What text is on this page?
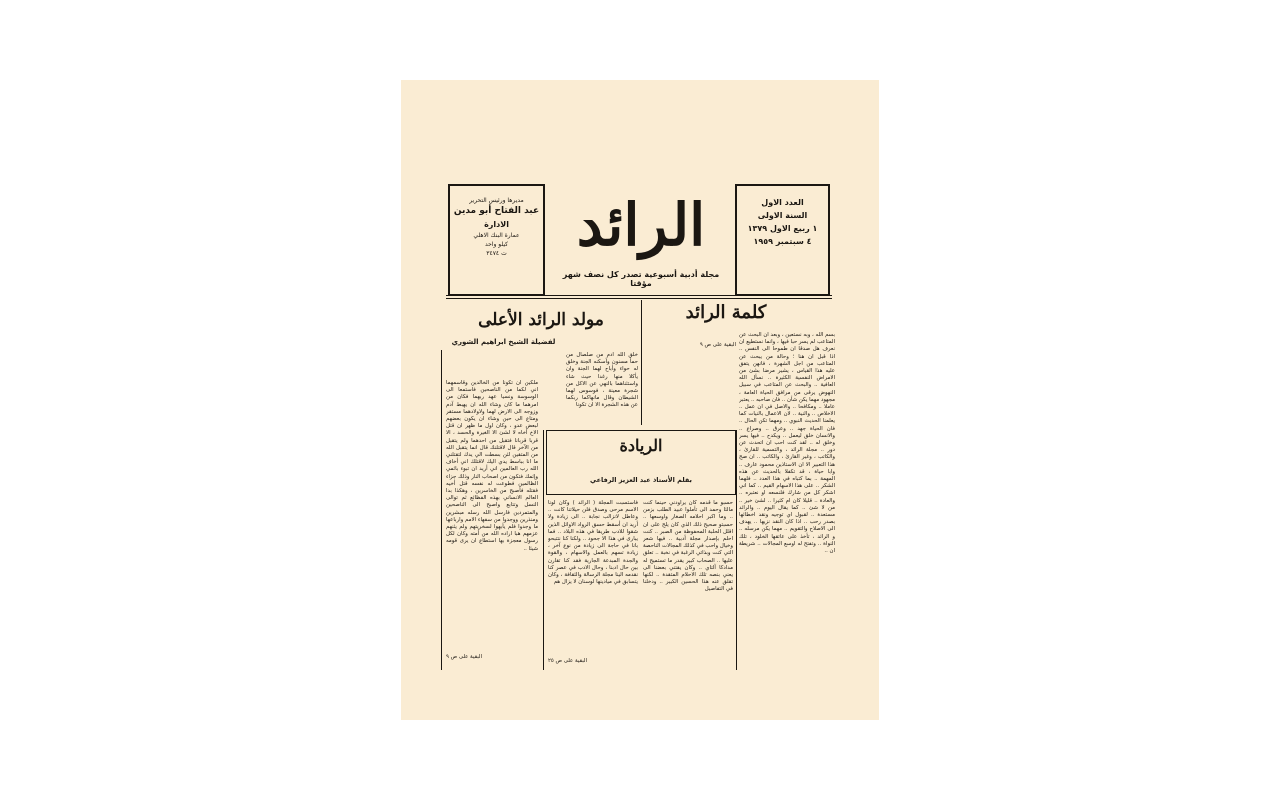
العدد الاول
السنة الاولى
١ ربيع الاول ١٣٧٩
٤ سبتمبر ١٩٥٩
الرائد
مجلة أدبية أسبوعية تصدر كل نصف شهر مؤقتا
مديرها ورئيس التحرير
عبد الفتاح أبو مدين
الادارة
عمارة البنك الاهلي
كيلو واحد
ت ٣٤٧٤
كلمة الرائد
بسم الله ، وبه نستعين ، وبعد ان البحث عن المتاعب لم يسر حبا فيها ، وانما نستطيع ان نعرف هل صدقا ان طموحا الى النفس .. اذا قبل ان هنا ؛ وحالة من يبحث عن المتاعب من اجل الشهرة ، فانهن يتفق عليه هذا القياس ، يشير مرضا بشئ من الامراض النفسية الكثيرة .. نسأل الله العافية .. والبحث عن المتاعب في سبيل النهوض يرقى من مرافق الحياة العامة ، مجهود مهما يكن شأن .. فان صاحبه .. يعتبر عاملا .. ومكافحا .. والاصل في ان عمل .. الاخلاص .. والنية .. لان الاعمال بالنيات كما يعلمنا الحديث النبوي .. ومهما تكن الحال .. فان الحياة جهد .. وعرق .. وصراع .. والانسان خلق ليعمل .. ويكدح .. فيها يسر وخلق له .. لقد كنت احب ان اتحدث عن دور .. مجلة الرائد ، والتسمية للقارئ ، والكاتب ، وغير القارئ ، والكاتب .. ان صح هذا التعبير الا ان الاستاذين محمود عارف .. وابا حياة ، قد تكفلا بالحديث عن هذه المهمة .. بما كتباه في هذا العدد .. فلهما الشكر .. على هذا الاسهام القيم .. كما اني اشكر كل من شارك فلنسعه او نعتبره .. والعادة .. قليلا كان ام كثيرا .. لشئ خير .. من لا شئ .. كما يقال اليوم .. والرائد مستعدة .. لقبول اي توجيه ونقد اخطائها بصدر رحب .. اذا كان النقد نزيها .. يهدف الى الاصلاح والتقويم .. مهما يكن مرسله .. و الرائد ، تأخذ على عاتقها الخلود ، تلك النواة .. وتفتح له اوسع المجالات .. شريطة ان ..
البقية على ص ٩
مولد الرائد الأعلى
لفضيلة الشيخ ابراهيم الشوري
خلق الله آدم من صلصال من حمأ مسنون وأسكنه الجنة وخلق له حواء وأباح لهما الجنة وان يأكلا منها رغدا حيث شاء واستثناهما بالنهي عن الاكل من شجرة معينة ، فوسوس لهما الشيطان وقال مانهاكما ربكما عن هذه الشجرة الا ان تكونا
ملكين ان تكونا من الخالدين وقاسمهما اني لكما من الناصحين فاستمعا الى الوسوسة ونسيا عهد ربهما فكان من امرهما ما كان وشاء الله ان يهبط آدم وزوجه الى الارض لهما ولاولادهما مستقر ومتاع الى حين وشاء ان يكون بعضهم لبعض عدو ، وكان اول ما ظهر ان قتل الاخ أخاه لا لشئ الا الغيرة والحسد ، الا قربا قربانا فتقبل من احدهما ولم يتقبل من الآخر قال لاقتلنك قال انما يتقبل الله من المتقين لئن بسطت الي يدك لتقتلني ما انا بباسط يدي اليك لاقتلك اني أخاف الله رب العالمين اني أريد ان تبوء باثمي وإثمك فتكون من اصحاب النار وذلك جزاء الظالمين فطوعت له نفسه قتل أخيه فقتله فأصبح من الخاسرين ، وهكذا بدا العالم الانساني بهذه الفظائع ثم توالى النسل وتتابع واصبح الى الناصحين والمتمردين فارسل الله رسله مبشرين ومنذرين ووجدوا من سفهاء الامم وارباعها ما وجدوا فلم يأبهوا لسخريتهم ولم يثنهم عزمهم هبا اراده الله من أمته وكان لكل رسول معجزة بها استطاع ان يرى قومه شيئا ..
البقية على ص ٩
الريادة
بقلم الأستاذ عبد العزيز الرفاعي
حسبو ما قدمه كان يراودني حينما كنت مالئا وحمد الى تأملوا عبيد الطلب بزمن .. وما اكبر احلامه الصغار واوسعها .. حسبتو صحيح ذلك الذي كان يلح على ان اقلل الحلبة المحفوظة من الصبر .. كنت احلم بإصدار مجلة أدبية .. فيها شعر وخيال واحب في كذلك المجالات الناحصة التي كنت وبذاتي الرغبة في نخبة .. تعلق عليها .. الصحاب كبير يقدر ما تستميح له مدادكا آلتاي .. وكان يقتني بعضنا الى يعني بنصه تلك الاحلام المتقدة .. لكنها تقلق عنه هذا الحسين الكبير .. ودخلنا في التفاصيل
فاستسبت المجلة ( الرائد ) وكان لونا الاسم مرحى وصدق فلن حيلاتنا كانت .. وعاطل لانزالب نجابة .. الى زيادة ولا أريد ان أسقط حسق الرواد الاوائل الذين شقوا للادب طريقا في هذه البلاد .. فما يبارى في هذا الا جحود .. ولكنا كنا نتتبحو بانا في حاجة الى زيادة من نوع آخر ، زيادة تسهم بالعمل والاسهام ، والقوة والجدة المبدعة الجارية فقد كنا تقارن بين حال ادبنا ، وحال الادب في عصر كنا نقدمه الينا مجلة الرسالة والثقافة ، وكان يتسابق في ميادينها لوسنان لا يزال هم
البقية على ص ٢٥
